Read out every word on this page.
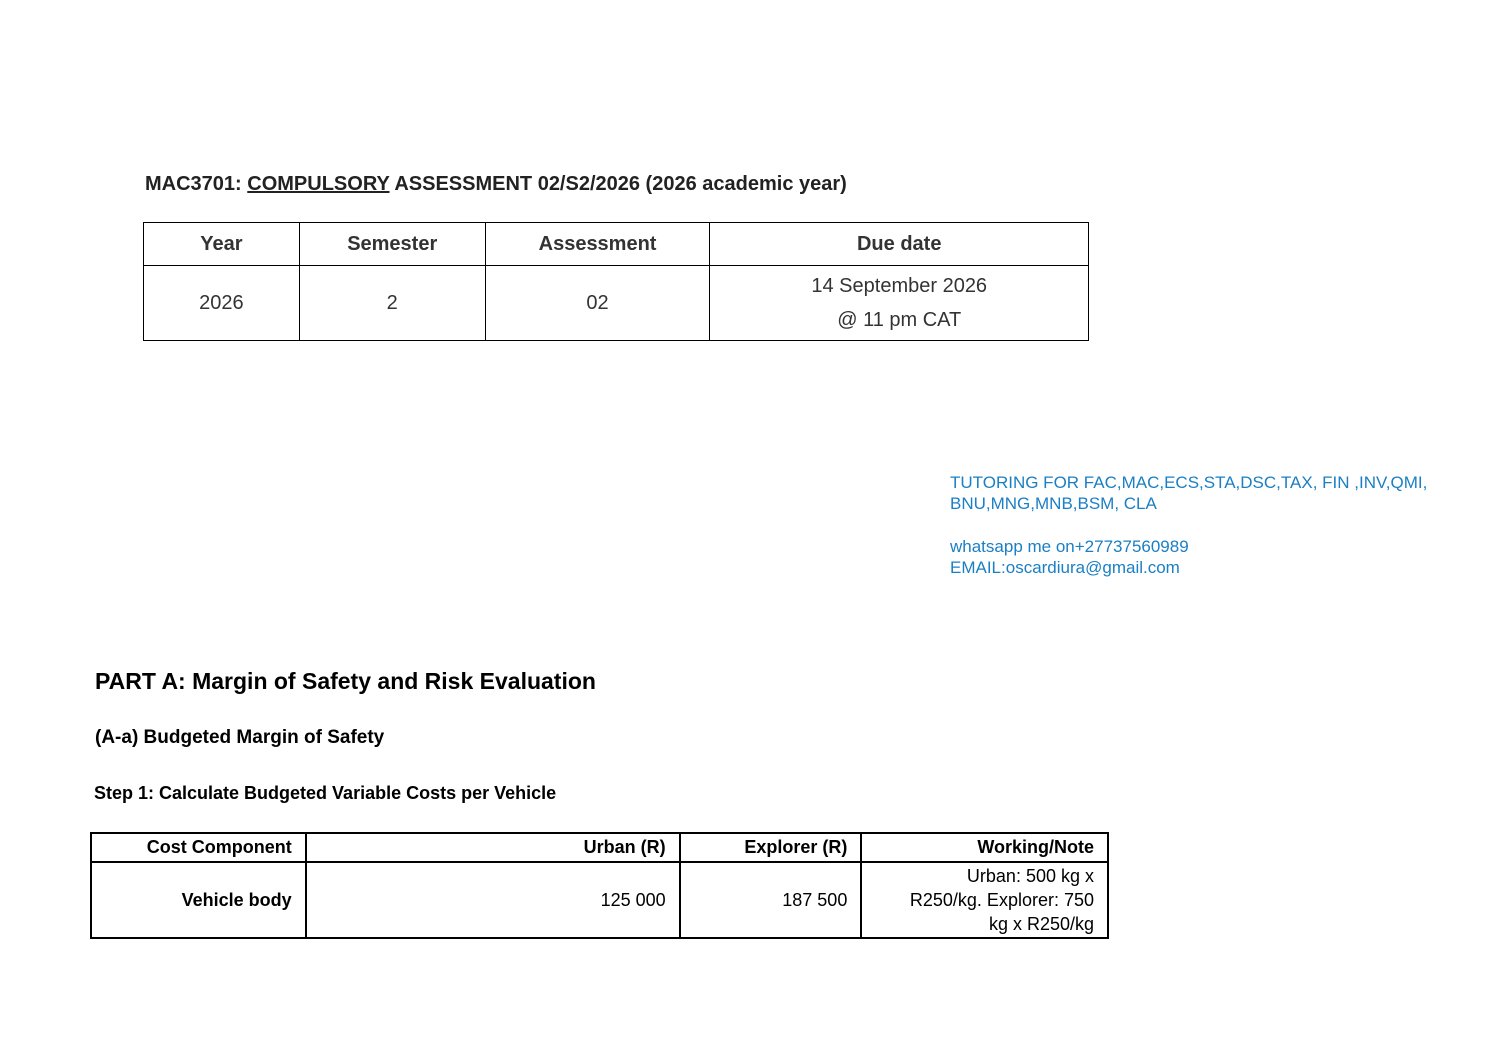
MAC3701: COMPULSORY ASSESSMENT 02/S2/2026 (2026 academic year)
Year	Semester	Assessment	Due date
2026	2	02	14 September 2026
@ 11 pm CAT
TUTORING FOR FAC,MAC,ECS,STA,DSC,TAX, FIN ,INV,QMI,
BNU,MNG,MNB,BSM, CLA
whatsapp me on+27737560989
EMAIL:oscardiura@gmail.com
PART A: Margin of Safety and Risk Evaluation
(A-a) Budgeted Margin of Safety
Step 1: Calculate Budgeted Variable Costs per Vehicle
Cost Component	Urban (R)	Explorer (R)	Working/Note
Vehicle body	125 000	187 500	Urban: 500 kg x
R250/kg. Explorer: 750
kg x R250/kg
